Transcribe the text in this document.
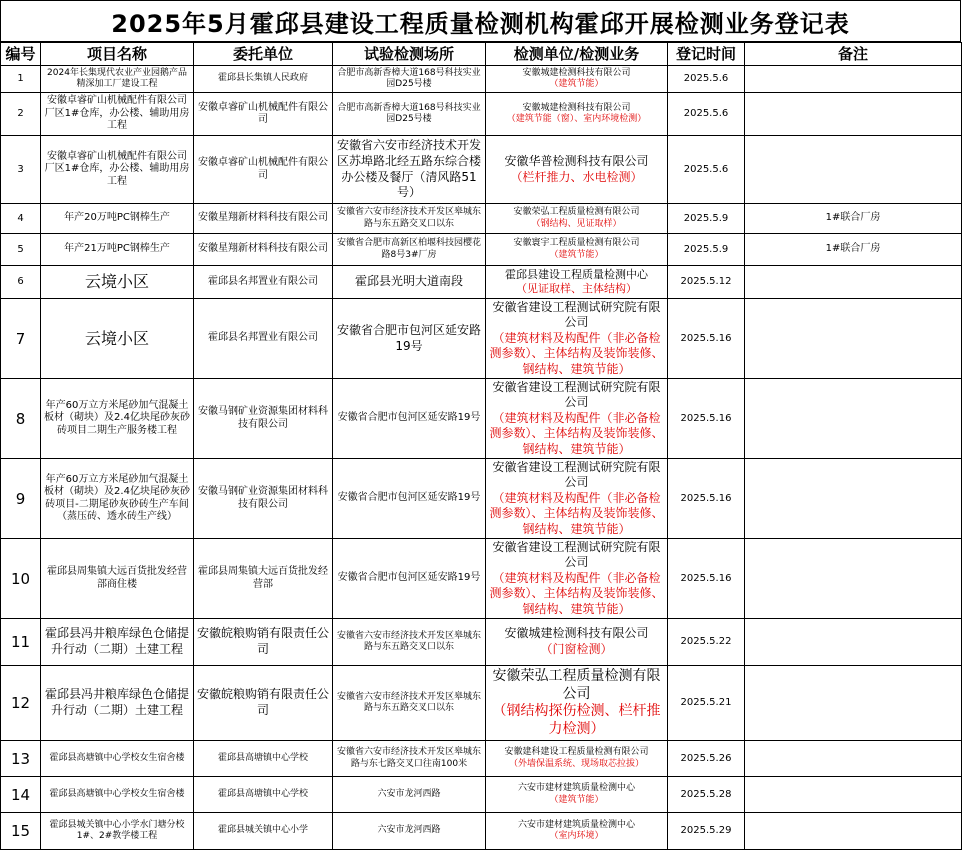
2025年5月霍邱县建设工程质量检测机构霍邱开展检测业务登记表
编号	项目名称	委托单位	试验检测场所	检测单位/检测业务	登记时间	备注
1	2024年长集现代农业产业园鹅产品精深加工厂建设工程	霍邱县长集镇人民政府	合肥市高新香樟大道168号科技实业园D25号楼	安徽城建检测科技有限公司
（建筑节能）	2025.5.6	
2	安徽卓睿矿山机械配件有限公司厂区1#仓库，办公楼、辅助用房工程	安徽卓睿矿山机械配件有限公司	合肥市高新香樟大道168号科技实业园D25号楼	安徽城建检测科技有限公司
（建筑节能（窗）、室内环境检测）	2025.5.6	
3	安徽卓睿矿山机械配件有限公司厂区1#仓库，办公楼、辅助用房工程	安徽卓睿矿山机械配件有限公司	安徽省六安市经济技术开发区苏埠路北经五路东综合楼办公楼及餐厅（清风路51号）	安徽华普检测科技有限公司
（栏杆推力、水电检测）	2025.5.6	
4	年产20万吨PC钢棒生产	安徽星翔新材料科技有限公司	安徽省六安市经济技术开发区皋城东路与东五路交叉口以东	安徽荣弘工程质量检测有限公司
（钢结构、见证取样）	2025.5.9	1#联合厂房
5	年产21万吨PC钢棒生产	安徽星翔新材料科技有限公司	安徽省合肥市高新区柏堰科技园樱花路8号3#厂房	安徽寰宇工程质量检测有限公司
（建筑节能）	2025.5.9	1#联合厂房
6	云境小区	霍邱县名邦置业有限公司	霍邱县光明大道南段	霍邱县建设工程质量检测中心
（见证取样、主体结构）	2025.5.12	
7	云境小区	霍邱县名邦置业有限公司	安徽省合肥市包河区延安路19号	安徽省建设工程测试研究院有限公司
（建筑材料及构配件（非必备检测参数）、主体结构及装饰装修、钢结构、建筑节能）	2025.5.16	
8	年产60万立方米尾砂加气混凝土板材（砌块）及2.4亿块尾砂灰砂砖项目二期生产服务楼工程	安徽马钢矿业资源集团材料科技有限公司	安徽省合肥市包河区延安路19号	安徽省建设工程测试研究院有限公司
（建筑材料及构配件（非必备检测参数）、主体结构及装饰装修、钢结构、建筑节能）	2025.5.16	
9	年产60万立方米尾砂加气混凝土板材（砌块）及2.4亿块尾砂灰砂砖项目-二期尾砂灰砂砖生产车间（蒸压砖、透水砖生产线）	安徽马钢矿业资源集团材料科技有限公司	安徽省合肥市包河区延安路19号	安徽省建设工程测试研究院有限公司
（建筑材料及构配件（非必备检测参数）、主体结构及装饰装修、钢结构、建筑节能）	2025.5.16	
10	霍邱县周集镇大远百货批发经营部商住楼	霍邱县周集镇大远百货批发经营部	安徽省合肥市包河区延安路19号	安徽省建设工程测试研究院有限公司
（建筑材料及构配件（非必备检测参数）、主体结构及装饰装修、钢结构、建筑节能）	2025.5.16	
11	霍邱县冯井粮库绿色仓储提升行动（二期）土建工程	安徽皖粮购销有限责任公司	安徽省六安市经济技术开发区皋城东路与东五路交叉口以东	安徽城建检测科技有限公司
（门窗检测）	2025.5.22	
12	霍邱县冯井粮库绿色仓储提升行动（二期）土建工程	安徽皖粮购销有限责任公司	安徽省六安市经济技术开发区皋城东路与东五路交叉口以东	安徽荣弘工程质量检测有限公司
（钢结构探伤检测、栏杆推力检测）	2025.5.21	
13	霍邱县高塘镇中心学校女生宿舍楼	霍邱县高塘镇中心学校	安徽省六安市经济技术开发区皋城东路与东七路交叉口往南100米	安徽建科建设工程质量检测有限公司
（外墙保温系统、现场取芯拉拔）	2025.5.26	
14	霍邱县高塘镇中心学校女生宿舍楼	霍邱县高塘镇中心学校	六安市龙河西路	六安市建材建筑质量检测中心
（建筑节能）	2025.5.28	
15	霍邱县城关镇中心小学水门塘分校1#、2#教学楼工程	霍邱县城关镇中心小学	六安市龙河西路	六安市建材建筑质量检测中心
（室内环境）	2025.5.29	
